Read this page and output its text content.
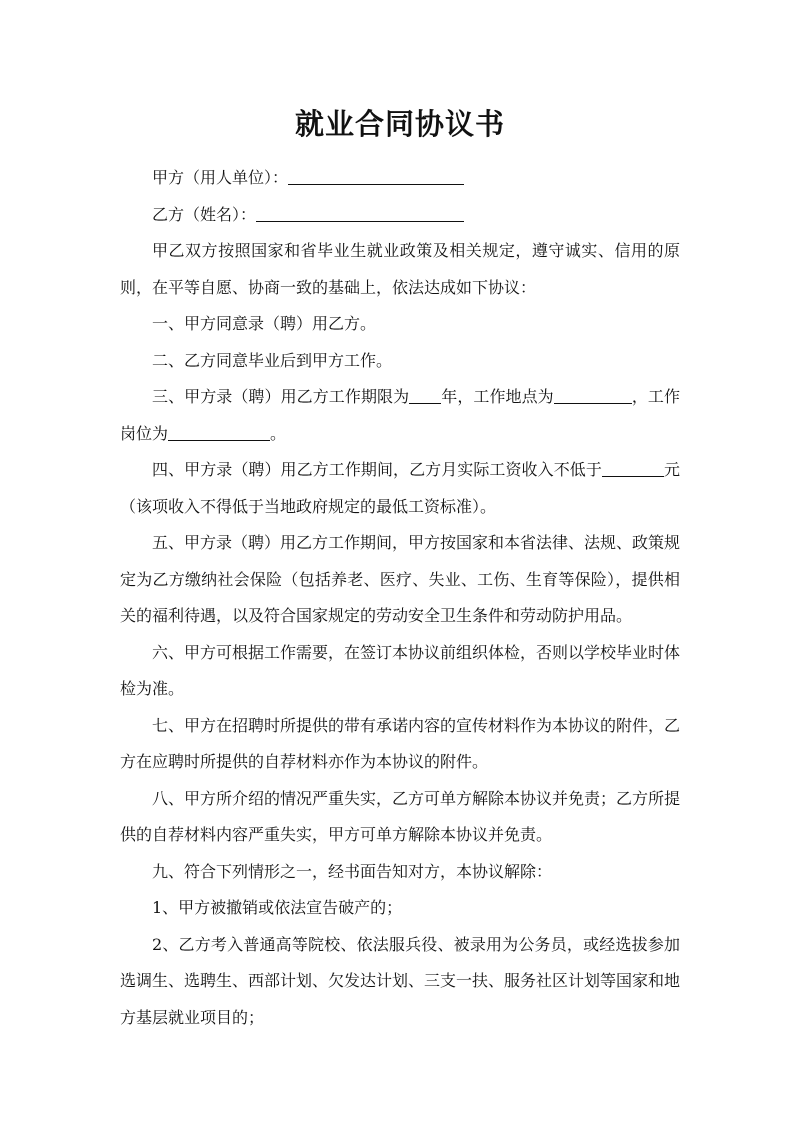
就业合同协议书

甲方（用人单位）：

乙方（姓名）：

甲乙双方按照国家和省毕业生就业政策及相关规定，遵守诚实、信用的原则，在平等自愿、协商一致的基础上，依法达成如下协议：

一、甲方同意录（聘）用乙方。

二、乙方同意毕业后到甲方工作。

三、甲方录（聘）用乙方工作期限为 年，工作地点为	，工作岗位为	。

四、甲方录（聘）用乙方工作期间，乙方月实际工资收入不低于	元（该项收入不得低于当地政府规定的最低工资标准）。

五、甲方录（聘）用乙方工作期间，甲方按国家和本省法律、法规、政策规定为乙方缴纳社会保险（包括养老、医疗、失业、工伤、生育等保险），提供相关的福利待遇，以及符合国家规定的劳动安全卫生条件和劳动防护用品。

六、甲方可根据工作需要，在签订本协议前组织体检，否则以学校毕业时体检为准。

七、甲方在招聘时所提供的带有承诺内容的宣传材料作为本协议的附件，乙方在应聘时所提供的自荐材料亦作为本协议的附件。

八、甲方所介绍的情况严重失实，乙方可单方解除本协议并免责；乙方所提供的自荐材料内容严重失实，甲方可单方解除本协议并免责。

九、符合下列情形之一，经书面告知对方，本协议解除：

1、甲方被撤销或依法宣告破产的；

2、乙方考入普通高等院校、依法服兵役、被录用为公务员，或经选拔参加选调生、选聘生、西部计划、欠发达计划、三支一扶、服务社区计划等国家和地方基层就业项目的；
